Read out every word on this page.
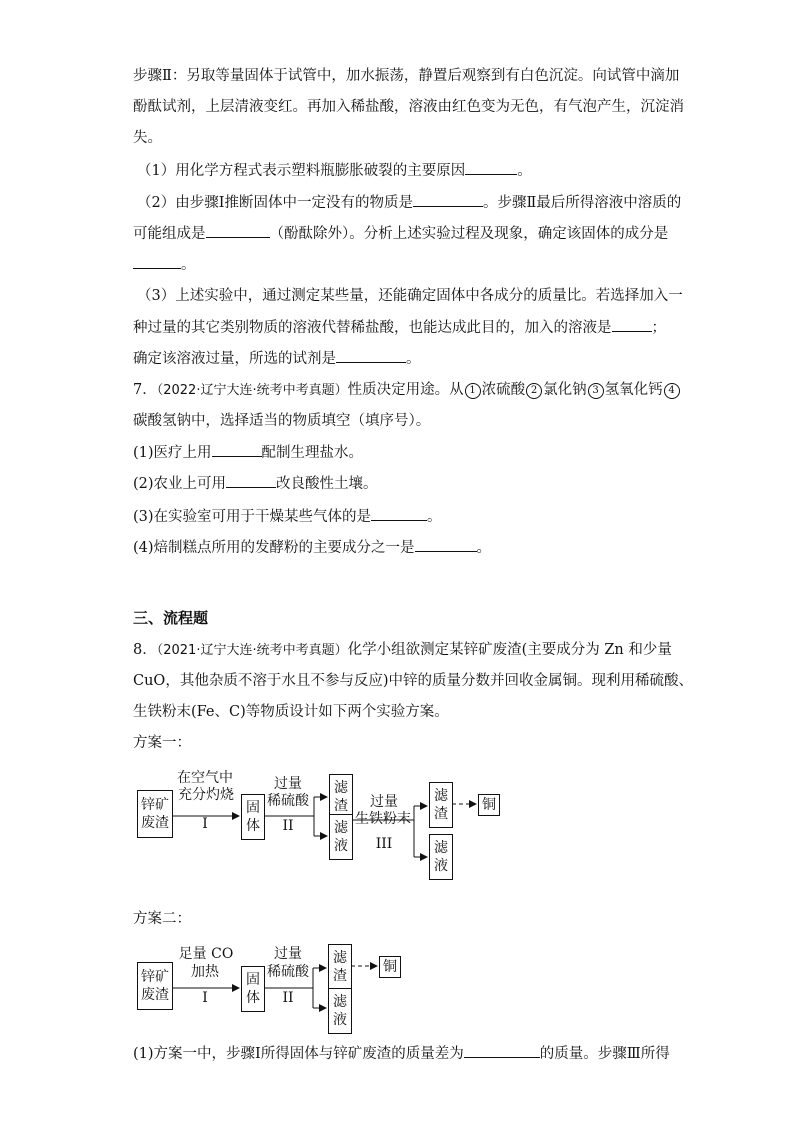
步骤Ⅱ：另取等量固体于试管中，加水振荡，静置后观察到有白色沉淀。向试管中滴加
酚酞试剂，上层清液变红。再加入稀盐酸，溶液由红色变为无色，有气泡产生，沉淀消
失。
（1）用化学方程式表示塑料瓶膨胀破裂的主要原因	。
（2）由步骤Ⅰ推断固体中一定没有的物质是	。步骤Ⅱ最后所得溶液中溶质的
可能组成是	（酚酞除外）。分析上述实验过程及现象，确定该固体的成分是
。
（3）上述实验中，通过测定某些量，还能确定固体中各成分的质量比。若选择加入一
种过量的其它类别物质的溶液代替稀盐酸，也能达成此目的，加入的溶液是	；
确定该溶液过量，所选的试剂是	。
7．（2022·辽宁大连·统考中考真题）性质决定用途。从 1 浓硫酸 2 氯化钠 3 氢氧化钙 4
碳酸氢钠中，选择适当的物质填空（填序号）。
(1)医疗上用	配制生理盐水。
(2)农业上可用	改良酸性土壤。
(3)在实验室可用于干燥某些气体的是	。
(4)焙制糕点所用的发酵粉的主要成分之一是	。
三、流程题
8．（2021·辽宁大连·统考中考真题）化学小组欲测定某锌矿废渣(主要成分为 Zn 和少量
CuO，其他杂质不溶于水且不参与反应)中锌的质量分数并回收金属铜。现利用稀硫酸、
生铁粉末(Fe、C)等物质设计如下两个实验方案。
方案一：
锌矿废渣
在空气中
充分灼烧
I
固体
过量
稀硫酸
II
滤渣
滤液
过量
生铁粉末
III
滤渣
滤液
铜
方案二：
锌矿废渣
足量 CO
加热
I
固体
过量
稀硫酸
II
滤渣
滤液
铜
(1)方案一中，步骤Ⅰ所得固体与锌矿废渣的质量差为	的质量。步骤Ⅲ所得
